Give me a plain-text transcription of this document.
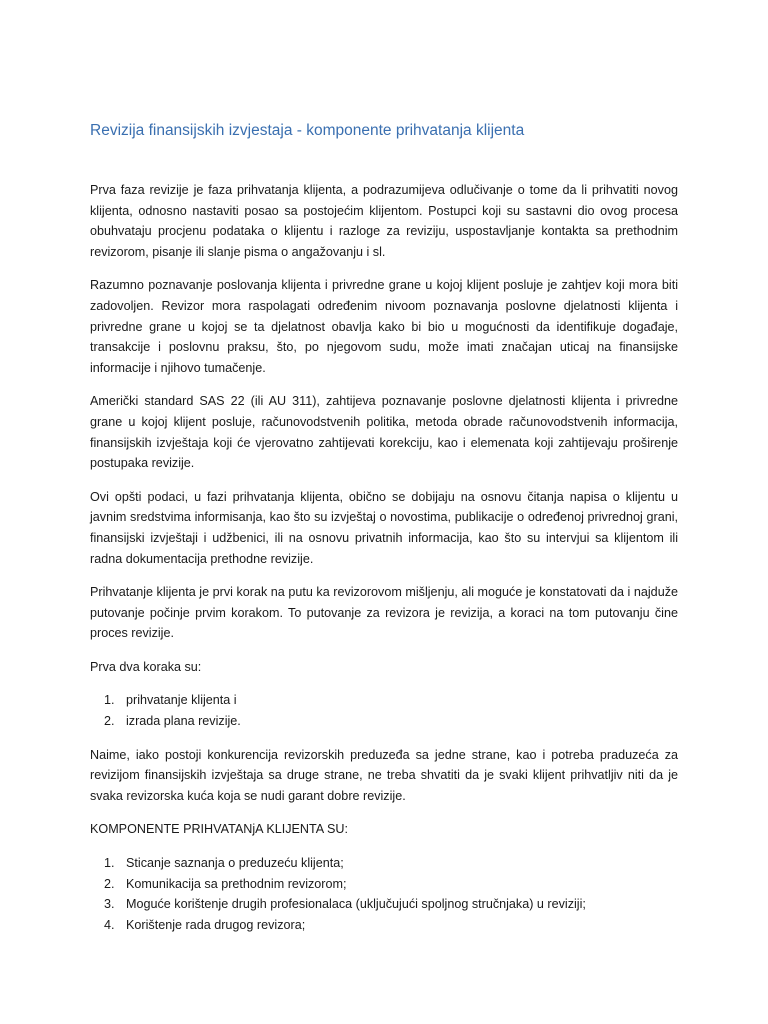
Revizija finansijskih izvjestaja - komponente prihvatanja klijenta

Prva faza revizije je faza prihvatanja klijenta, a podrazumijeva odlučivanje o tome da li prihvatiti novog klijenta, odnosno nastaviti posao sa postojećim klijentom. Postupci koji su sastavni dio ovog procesa obuhvataju procjenu podataka o klijentu i razloge za reviziju, uspostavljanje kontakta sa prethodnim revizorom, pisanje ili slanje pisma o angažovanju i sl.

Razumno poznavanje poslovanja klijenta i privredne grane u kojoj klijent posluje je zahtjev koji mora biti zadovoljen. Revizor mora raspolagati određenim nivoom poznavanja poslovne djelatnosti klijenta i privredne grane u kojoj se ta djelatnost obavlja kako bi bio u mogućnosti da identifikuje događaje, transakcije i poslovnu praksu, što, po njegovom sudu, može imati značajan uticaj na finansijske informacije i njihovo tumačenje.

Američki standard SAS 22 (ili AU 311), zahtijeva poznavanje poslovne djelatnosti klijenta i privredne grane u kojoj klijent posluje, računovodstvenih politika, metoda obrade računovodstvenih informacija, finansijskih izvještaja koji će vjerovatno zahtijevati korekciju, kao i elemenata koji zahtijevaju proširenje postupaka revizije.

Ovi opšti podaci, u fazi prihvatanja klijenta, obično se dobijaju na osnovu čitanja napisa o klijentu u javnim sredstvima informisanja, kao što su izvještaj o novostima, publikacije o određenoj privrednoj grani, finansijski izvještaji i udžbenici, ili na osnovu privatnih informacija, kao što su intervjui sa klijentom ili radna dokumentacija prethodne revizije.

Prihvatanje klijenta je prvi korak na putu ka revizorovom mišljenju, ali moguće je konstatovati da i najduže putovanje počinje prvim korakom. To putovanje za revizora je revizija, a koraci na tom putovanju čine proces revizije.

Prva dva koraka su:

1. prihvatanje klijenta i
2. izrada plana revizije.

Naime, iako postoji konkurencija revizorskih preduzeđa sa jedne strane, kao i potreba praduzeća za revizijom finansijskih izvještaja sa druge strane, ne treba shvatiti da je svaki klijent prihvatljiv niti da je svaka revizorska kuća koja se nudi garant dobre revizije.

KOMPONENTE PRIHVATANjA KLIJENTA SU:

1. Sticanje saznanja o preduzeću klijenta;
2. Komunikacija sa prethodnim revizorom;
3. Moguće korištenje drugih profesionalaca (uključujući spoljnog stručnjaka) u reviziji;
4. Korištenje rada drugog revizora;
